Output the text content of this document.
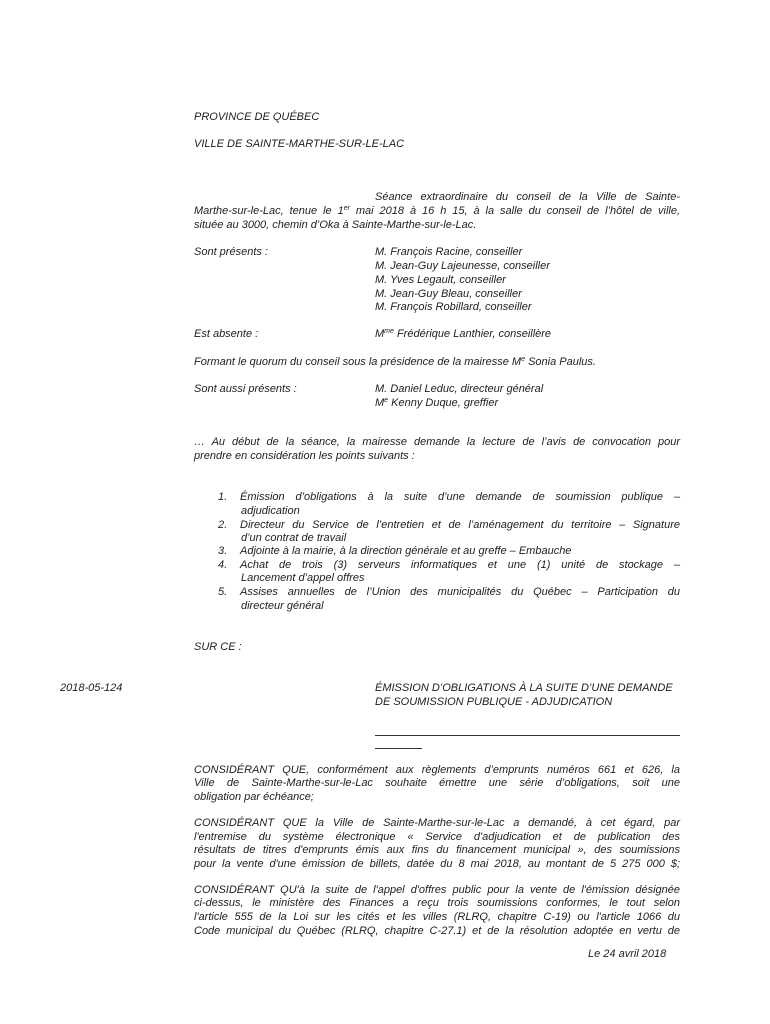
PROVINCE DE QUÉBEC
VILLE DE SAINTE-MARTHE-SUR-LE-LAC
Séance extraordinaire du conseil de la Ville de Sainte-
Marthe-sur-le-Lac, tenue le 1er mai 2018 à 16 h 15, à la salle du conseil de l’hôtel de ville,
située au 3000, chemin d’Oka à Sainte-Marthe-sur-le-Lac.
Sont présents :	M. François Racine, conseiller
M. Jean-Guy Lajeunesse, conseiller
M. Yves Legault, conseiller
M. Jean-Guy Bleau, conseiller
M. François Robillard, conseiller
Est absente :	$M^{me}$ Frédérique Lanthier, conseillère
Formant le quorum du conseil sous la présidence de la mairesse Me Sonia Paulus.
Sont aussi présents :	M. Daniel Leduc, directeur général
Me Kenny Duque, greffier
… Au début de la séance, la mairesse demande la lecture de l’avis de convocation pour
prendre en considération les points suivants :
1. Émission d’obligations à la suite d’une demande de soumission publique –
adjudication
2. Directeur du Service de l’entretien et de l’aménagement du territoire – Signature
d’un contrat de travail
3. Adjointe à la mairie, à la direction générale et au greffe – Embauche
4. Achat de trois (3) serveurs informatiques et une (1) unité de stockage –
Lancement d’appel offres
5. Assises annuelles de l’Union des municipalités du Québec – Participation du
directeur général
SUR CE :
2018-05-124	ÉMISSION D’OBLIGATIONS À LA SUITE D’UNE DEMANDE
DE SOUMISSION PUBLIQUE - ADJUDICATION
CONSIDÉRANT QUE, conformément aux règlements d’emprunts numéros 661 et 626, la
Ville de Sainte-Marthe-sur-le-Lac souhaite émettre une série d’obligations, soit une
obligation par échéance;
CONSIDÉRANT QUE la Ville de Sainte-Marthe-sur-le-Lac a demandé, à cet égard, par
l'entremise du système électronique « Service d'adjudication et de publication des
résultats de titres d'emprunts émis aux fins du financement municipal », des soumissions
pour la vente d'une émission de billets, datée du 8 mai 2018, au montant de 5 275 000 $;
CONSIDÉRANT QU'à la suite de l'appel d'offres public pour la vente de l'émission désignée
ci-dessus, le ministère des Finances a reçu trois soumissions conformes, le tout selon
l'article 555 de la Loi sur les cités et les villes (RLRQ, chapitre C-19) ou l'article 1066 du
Code municipal du Québec (RLRQ, chapitre C-27.1) et de la résolution adoptée en vertu de
Le 24 avril 2018
